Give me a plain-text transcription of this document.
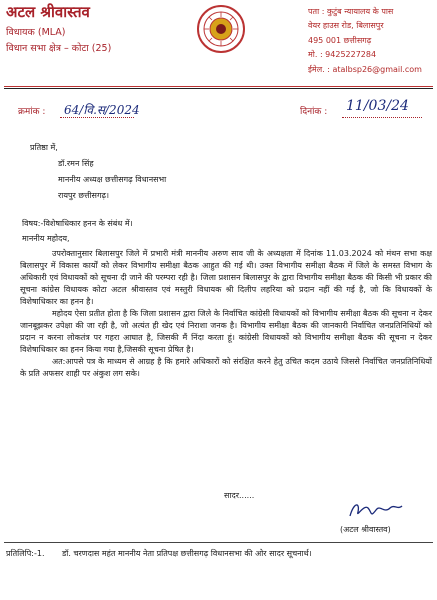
अटल श्रीवास्तव
विधायक (MLA)
विधान सभा क्षेत्र – कोटा (25)
पता : कुटुंब न्यायालय के पास
वेयर हाउस रोड, बिलासपुर
495 001 छत्तीसगढ़
मो. : 9425227284
ईमेल. : atalbsp26@gmail.com
क्रमांक : 64/वि.स/2024	दिनांक : 11/03/24
प्रतिष्ठा में,
डॉ.रमन सिंह
माननीय अध्यक्ष छत्तीसगढ़ विधानसभा
रायपुर छत्तीसगढ़।
विषय:-विशेषाधिकार हनन के संबंध में।
माननीय महोदय,

उपरोक्तानुसार बिलासपुर जिले में प्रभारी मंत्री माननीय अरुण साव जी के अध्यक्षता में दिनांक 11.03.2024 को मंथन सभा कक्ष बिलासपुर में विकास कार्यों को लेकर विभागीय समीक्षा बैठक आहुत की गई थी। उक्त विभागीय समीक्षा बैठक में जिले के समस्त विभाग के अधिकारी एवं विधायकों को सूचना दी जाने की परम्परा रही है। जिला प्रशासन बिलासपुर के द्वारा विभागीय समीक्षा बैठक की किसी भी प्रकार की सूचना कांग्रेस विधायक कोटा अटल श्रीवास्तव एवं मस्तुरी विधायक श्री दिलीप लहरिया को प्रदान नहीं की गई है, जो कि विधायकों के विशेषाधिकार का हनन है।

महोदय ऐसा प्रतीत होता है कि जिला प्रशासन द्वारा जिले के निर्वाचित कांग्रेसी विधायकों को विभागीय समीक्षा बैठक की सूचना न देकर जानबूझकर उपेक्षा की जा रही है, जो अत्यंत ही खेद एवं निराशा जनक है। विभागीय समीक्षा बैठक की जानकारी निर्वाचित जनप्रतिनिधियों को प्रदान न करना लोकतंत्र पर गहरा आघात है, जिसकी मैं निंदा करता हूं। कांग्रेसी विधायकों को विभागीय समीक्षा बैठक की सूचना न देकर विशेषाधिकार का हनन किया गया है,जिसकी सूचना प्रेषित है।

अत:आपसे पत्र के माध्यम से आग्रह है कि हमारे अधिकारों को संरक्षित करने हेतु उचित कदम उठाये जिससे निर्वाचित जनप्रतिनिधियों के प्रति अफसर शाही पर अंकुश लग सके।

सादर......
(अटल श्रीवास्तव)
प्रतिलिपि:-1. डॉ. चरणदास महंत माननीय नेता प्रतिपक्ष छत्तीसगढ़ विधानसभा की ओर सादर सूचनार्थ।
